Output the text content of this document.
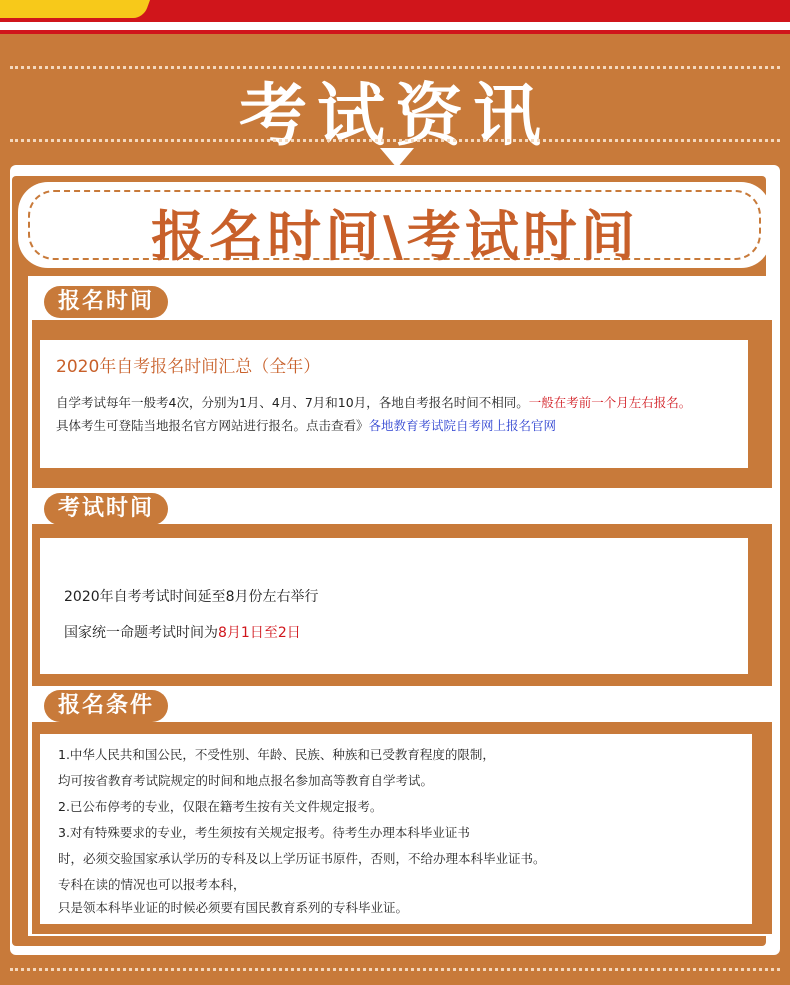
考试资讯
报名时间\考试时间
报名时间
2020年自考报名时间汇总（全年）
自学考试每年一般考4次，分别为1月、4月、7月和10月，各地自考报名时间不相同。一般在考前一个月左右报名。
具体考生可登陆当地报名官方网站进行报名。点击查看》各地教育考试院自考网上报名官网
考试时间
2020年自考考试时间延至8月份左右举行
国家统一命题考试时间为8月1日至2日
报名条件
1.中华人民共和国公民，不受性别、年龄、民族、种族和已受教育程度的限制，
均可按省教育考试院规定的时间和地点报名参加高等教育自学考试。
2.已公布停考的专业，仅限在籍考生按有关文件规定报考。
3.对有特殊要求的专业，考生须按有关规定报考。待考生办理本科毕业证书
时，必须交验国家承认学历的专科及以上学历证书原件，否则，不给办理本科毕业证书。
专科在读的情况也可以报考本科，
只是领本科毕业证的时候必须要有国民教育系列的专科毕业证。
